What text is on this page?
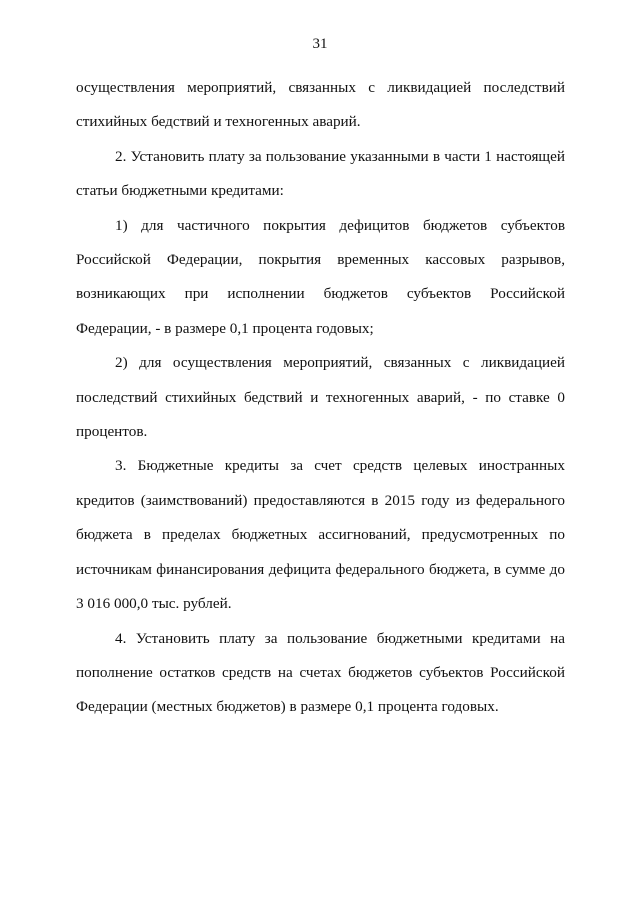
31

осуществления мероприятий, связанных с ликвидацией последствий стихийных бедствий и техногенных аварий.

2. Установить плату за пользование указанными в части 1 настоящей статьи бюджетными кредитами:

1) для частичного покрытия дефицитов бюджетов субъектов Российской Федерации, покрытия временных кассовых разрывов, возникающих при исполнении бюджетов субъектов Российской Федерации, - в размере 0,1 процента годовых;

2) для осуществления мероприятий, связанных с ликвидацией последствий стихийных бедствий и техногенных аварий, - по ставке 0 процентов.

3. Бюджетные кредиты за счет средств целевых иностранных кредитов (заимствований) предоставляются в 2015 году из федерального бюджета в пределах бюджетных ассигнований, предусмотренных по источникам финансирования дефицита федерального бюджета, в сумме до 3 016 000,0 тыс. рублей.

4. Установить плату за пользование бюджетными кредитами на пополнение остатков средств на счетах бюджетов субъектов Российской Федерации (местных бюджетов) в размере 0,1 процента годовых.
